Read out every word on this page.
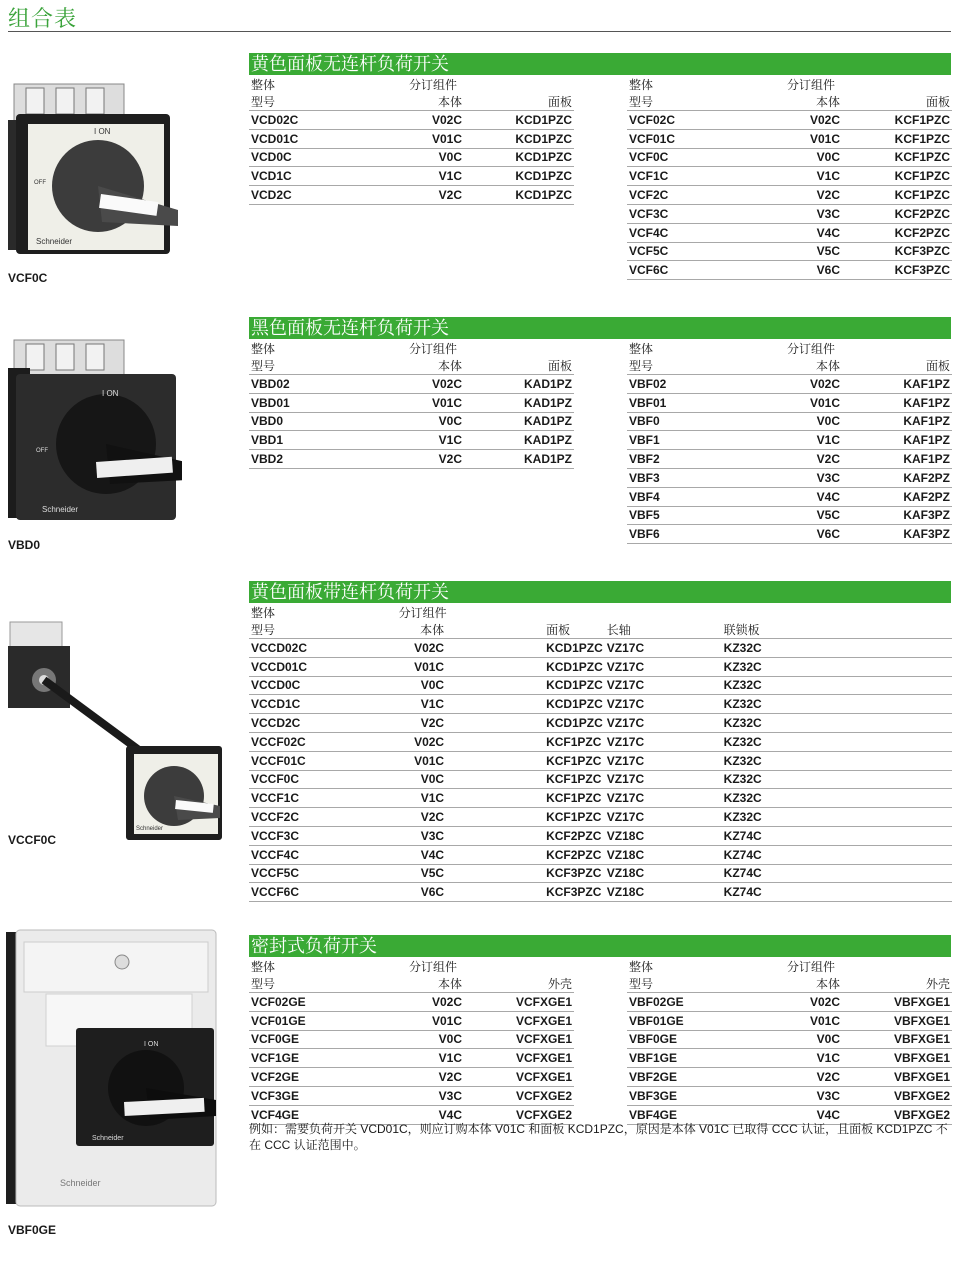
组合表
I ON
OFF
Schneider
VCF0C
黄色面板无连杆负荷开关
整体	分订组件	
型号	本体	面板
VCD02C	V02C	KCD1PZC
VCD01C	V01C	KCD1PZC
VCD0C	V0C	KCD1PZC
VCD1C	V1C	KCD1PZC
VCD2C	V2C	KCD1PZC
整体	分订组件	
型号	本体	面板
VCF02C	V02C	KCF1PZC
VCF01C	V01C	KCF1PZC
VCF0C	V0C	KCF1PZC
VCF1C	V1C	KCF1PZC
VCF2C	V2C	KCF1PZC
VCF3C	V3C	KCF2PZC
VCF4C	V4C	KCF2PZC
VCF5C	V5C	KCF3PZC
VCF6C	V6C	KCF3PZC
I ON
OFF
Schneider
VBD0
黑色面板无连杆负荷开关
整体	分订组件	
型号	本体	面板
VBD02	V02C	KAD1PZ
VBD01	V01C	KAD1PZ
VBD0	V0C	KAD1PZ
VBD1	V1C	KAD1PZ
VBD2	V2C	KAD1PZ
整体	分订组件	
型号	本体	面板
VBF02	V02C	KAF1PZ
VBF01	V01C	KAF1PZ
VBF0	V0C	KAF1PZ
VBF1	V1C	KAF1PZ
VBF2	V2C	KAF1PZ
VBF3	V3C	KAF2PZ
VBF4	V4C	KAF2PZ
VBF5	V5C	KAF3PZ
VBF6	V6C	KAF3PZ
Schneider
VCCF0C
黄色面板带连杆负荷开关
整体	分订组件			
型号	本体	面板	长轴	联锁板
VCCD02C	V02C	KCD1PZC	VZ17C	KZ32C
VCCD01C	V01C	KCD1PZC	VZ17C	KZ32C
VCCD0C	V0C	KCD1PZC	VZ17C	KZ32C
VCCD1C	V1C	KCD1PZC	VZ17C	KZ32C
VCCD2C	V2C	KCD1PZC	VZ17C	KZ32C
VCCF02C	V02C	KCF1PZC	VZ17C	KZ32C
VCCF01C	V01C	KCF1PZC	VZ17C	KZ32C
VCCF0C	V0C	KCF1PZC	VZ17C	KZ32C
VCCF1C	V1C	KCF1PZC	VZ17C	KZ32C
VCCF2C	V2C	KCF1PZC	VZ17C	KZ32C
VCCF3C	V3C	KCF2PZC	VZ18C	KZ74C
VCCF4C	V4C	KCF2PZC	VZ18C	KZ74C
VCCF5C	V5C	KCF3PZC	VZ18C	KZ74C
VCCF6C	V6C	KCF3PZC	VZ18C	KZ74C
I ON
Schneider
Schneider
VBF0GE
密封式负荷开关
整体	分订组件	
型号	本体	外壳
VCF02GE	V02C	VCFXGE1
VCF01GE	V01C	VCFXGE1
VCF0GE	V0C	VCFXGE1
VCF1GE	V1C	VCFXGE1
VCF2GE	V2C	VCFXGE1
VCF3GE	V3C	VCFXGE2
VCF4GE	V4C	VCFXGE2
整体	分订组件	
型号	本体	外壳
VBF02GE	V02C	VBFXGE1
VBF01GE	V01C	VBFXGE1
VBF0GE	V0C	VBFXGE1
VBF1GE	V1C	VBFXGE1
VBF2GE	V2C	VBFXGE1
VBF3GE	V3C	VBFXGE2
VBF4GE	V4C	VBFXGE2
例如：需要负荷开关 VCD01C，则应订购本体 V01C 和面板 KCD1PZC，原因是本体 V01C 已取得 CCC 认证，且面板 KCD1PZC 不在 CCC 认证范围中。
